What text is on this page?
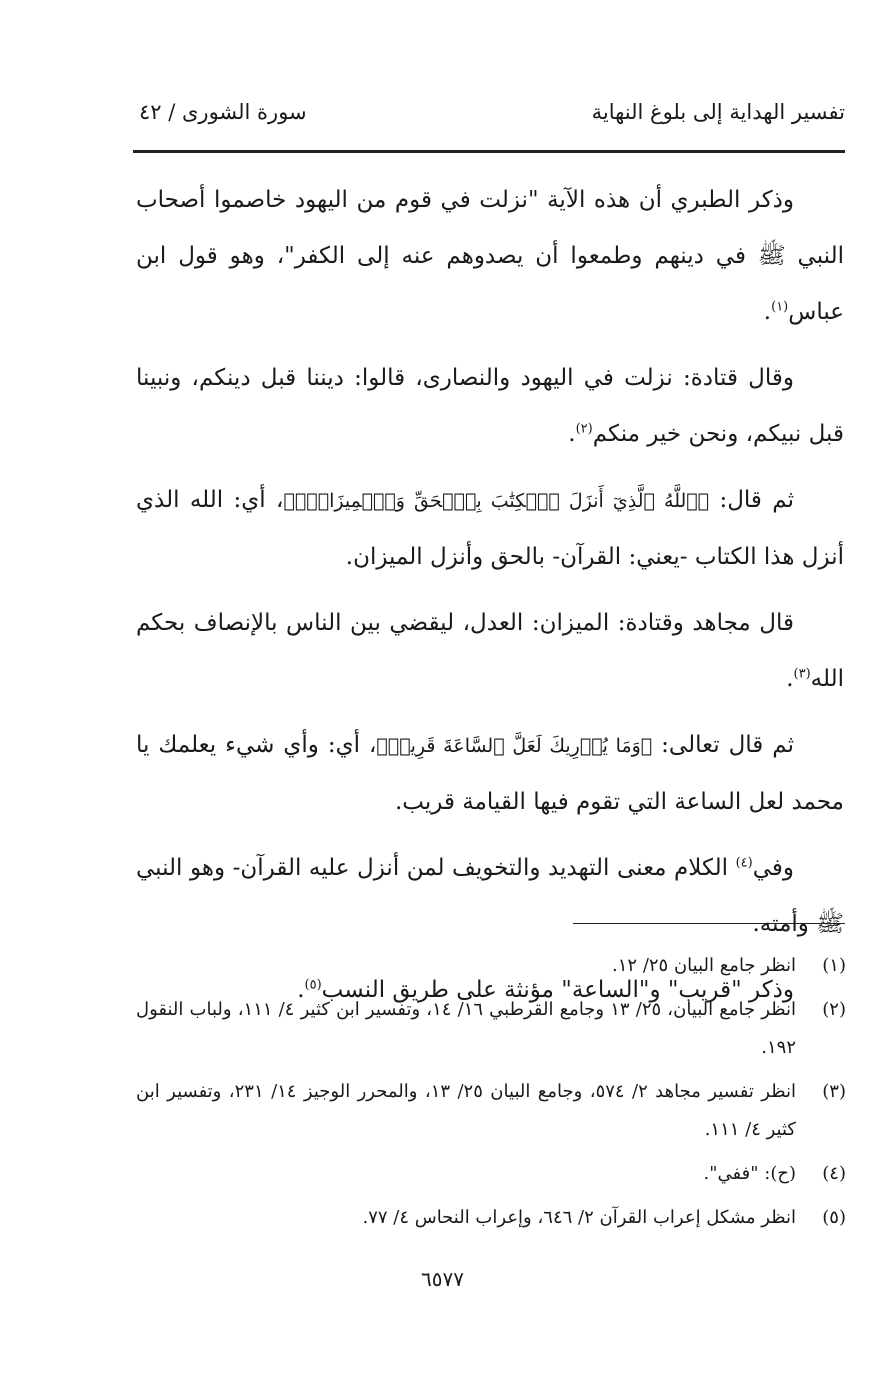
تفسير الهداية إلى بلوغ النهاية
سورة الشورى / ٤٢

وذكر الطبري أن هذه الآية "نزلت في قوم من اليهود خاصموا أصحاب النبي ﷺ في دينهم وطمعوا أن يصدوهم عنه إلى الكفر"، وهو قول ابن عباس$^{(١)}$.

وقال قتادة: نزلت في اليهود والنصارى، قالوا: ديننا قبل دينكم، ونبينا قبل نبيكم، ونحن خير منكم$^{(٢)}$.

ثم قال: ﴿ٱللَّهُ ٱلَّذِيٓ أَنزَلَ ٱلۡكِتَٰبَ بِٱلۡحَقِّ وَٱلۡمِيزَانَۗ﴾، أي: الله الذي أنزل هذا الكتاب -يعني: القرآن- بالحق وأنزل الميزان.

قال مجاهد وقتادة: الميزان: العدل، ليقضي بين الناس بالإنصاف بحكم الله$^{(٣)}$.

ثم قال تعالى: ﴿وَمَا يُدۡرِيكَ لَعَلَّ ٱلسَّاعَةَ قَرِيبٞ﴾، أي: وأي شيء يعلمك يا محمد لعل الساعة التي تقوم فيها القيامة قريب.

وفي$^{(٤)}$ الكلام معنى التهديد والتخويف لمن أنزل عليه القرآن- وهو النبي ﷺ وأمته.

وذكر "قريب" و"الساعة" مؤنثة على طريق النسب$^{(٥)}$.

(١)
انظر جامع البيان ٢٥/ ١٢.
(٢)
انظر جامع البيان، ٢٥/ ١٣ وجامع القرطبي ١٦/ ١٤، وتفسير ابن كثير ٤/ ١١١، ولباب النقول ١٩٢.
(٣)
انظر تفسير مجاهد ٢/ ٥٧٤، وجامع البيان ٢٥/ ١٣، والمحرر الوجيز ١٤/ ٢٣١، وتفسير ابن كثير ٤/ ١١١.
(٤)
(ح): "ففي".
(٥)
انظر مشكل إعراب القرآن ٢/ ٦٤٦، وإعراب النحاس ٤/ ٧٧.
٦٥٧٧
